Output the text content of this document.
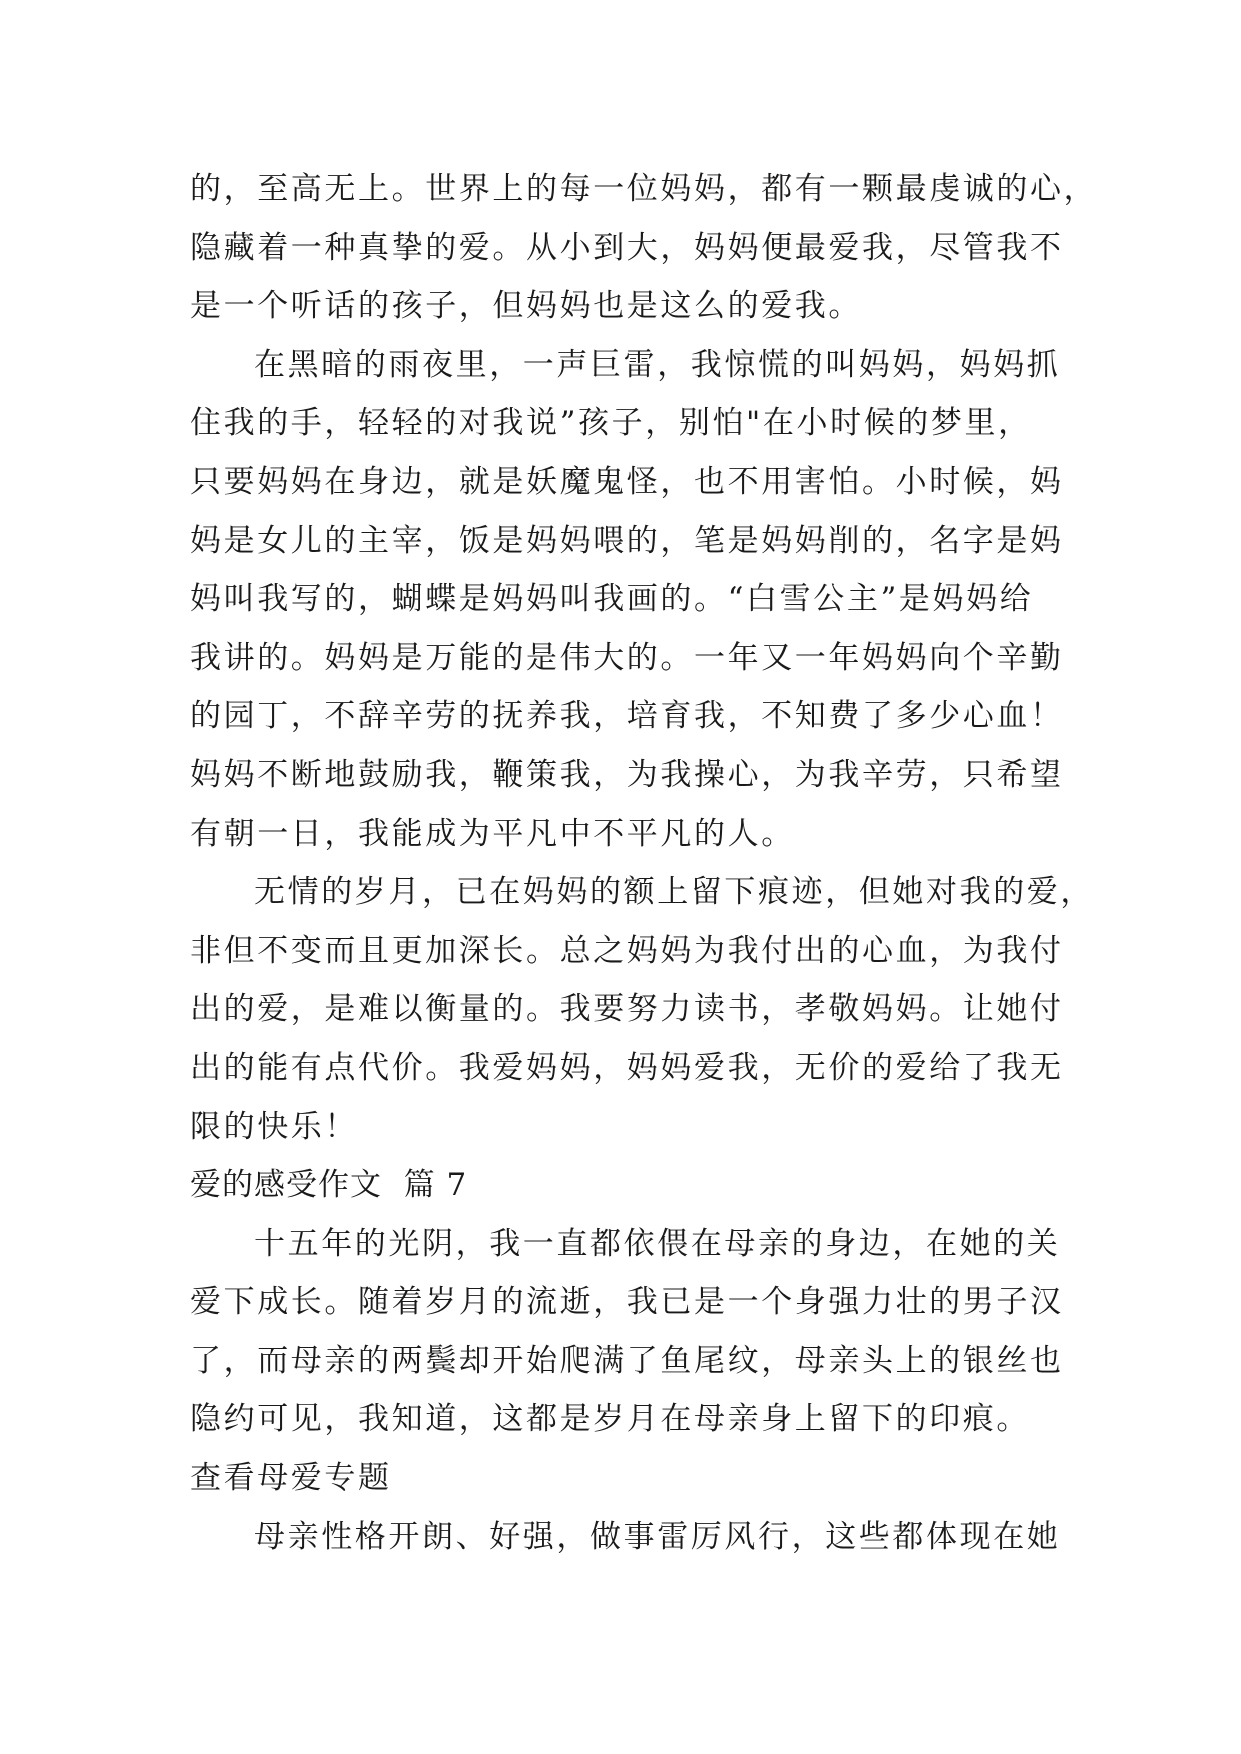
的，至高无上。世界上的每一位妈妈，都有一颗最虔诚的心，
隐藏着一种真挚的爱。从小到大，妈妈便最爱我，尽管我不
是一个听话的孩子，但妈妈也是这么的爱我。
在黑暗的雨夜里，一声巨雷，我惊慌的叫妈妈，妈妈抓
住我的手，轻轻的对我说”孩子，别怕"在小时候的梦里，
只要妈妈在身边，就是妖魔鬼怪，也不用害怕。小时候，妈
妈是女儿的主宰，饭是妈妈喂的，笔是妈妈削的，名字是妈
妈叫我写的，蝴蝶是妈妈叫我画的。“白雪公主”是妈妈给
我讲的。妈妈是万能的是伟大的。一年又一年妈妈向个辛勤
的园丁，不辞辛劳的抚养我，培育我，不知费了多少心血！
妈妈不断地鼓励我，鞭策我，为我操心，为我辛劳，只希望
有朝一日，我能成为平凡中不平凡的人。
无情的岁月，已在妈妈的额上留下痕迹，但她对我的爱，
非但不变而且更加深长。总之妈妈为我付出的心血，为我付
出的爱，是难以衡量的。我要努力读书，孝敬妈妈。让她付
出的能有点代价。我爱妈妈，妈妈爱我，无价的爱给了我无
限的快乐！
爱的感受作文  篇 7
十五年的光阴，我一直都依偎在母亲的身边，在她的关
爱下成长。随着岁月的流逝，我已是一个身强力壮的男子汉
了，而母亲的两鬓却开始爬满了鱼尾纹，母亲头上的银丝也
隐约可见，我知道，这都是岁月在母亲身上留下的印痕。
查看母爱专题
母亲性格开朗、好强，做事雷厉风行，这些都体现在她
